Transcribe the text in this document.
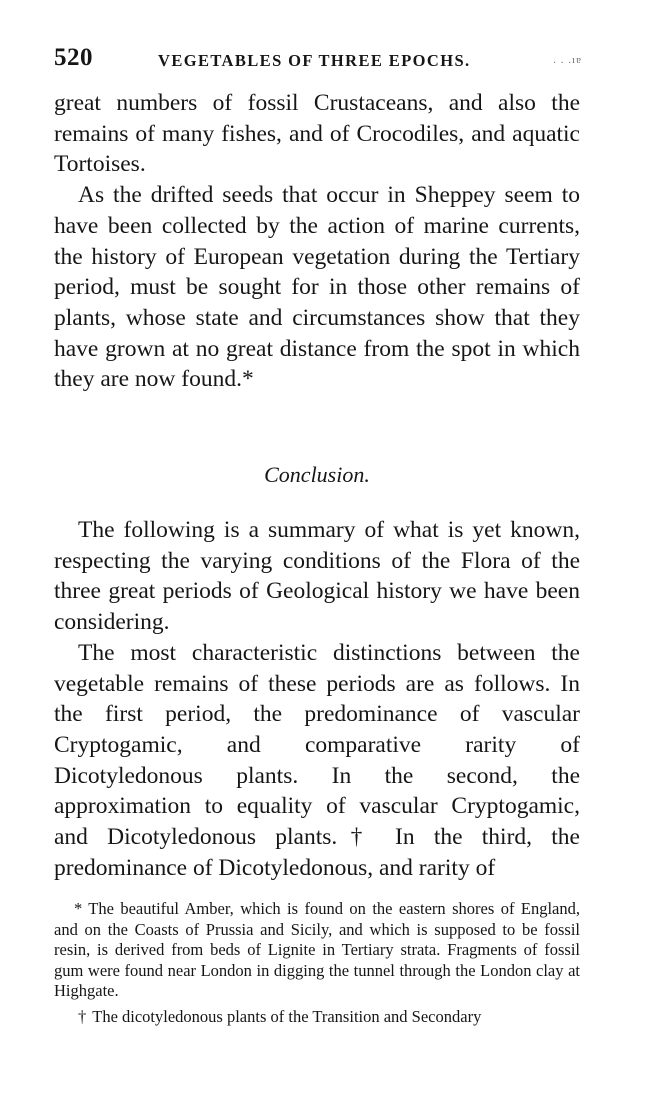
520	VEGETABLES OF THREE EPOCHS.	. . .ıɐ

great numbers of fossil Crustaceans, and also the remains of many fishes, and of Crocodiles, and aquatic Tortoises.

As the drifted seeds that occur in Sheppey seem to have been collected by the action of marine currents, the history of European vegetation during the Tertiary period, must be sought for in those other remains of plants, whose state and circumstances show that they have grown at no great distance from the spot in which they are now found.*

Conclusion.

The following is a summary of what is yet known, respecting the varying conditions of the Flora of the three great periods of Geological history we have been considering.

The most characteristic distinctions between the vegetable remains of these periods are as follows. In the first period, the predominance of vascular Cryptogamic, and comparative rarity of Dicotyledonous plants. In the second, the approximation to equality of vascular Cryptogamic, and Dicotyledonous plants.† In the third, the predominance of Dicotyledonous, and rarity of

* The beautiful Amber, which is found on the eastern shores of England, and on the Coasts of Prussia and Sicily, and which is supposed to be fossil resin, is derived from beds of Lignite in Tertiary strata. Fragments of fossil gum were found near London in digging the tunnel through the London clay at Highgate.

† The dicotyledonous plants of the Transition and Secondary
